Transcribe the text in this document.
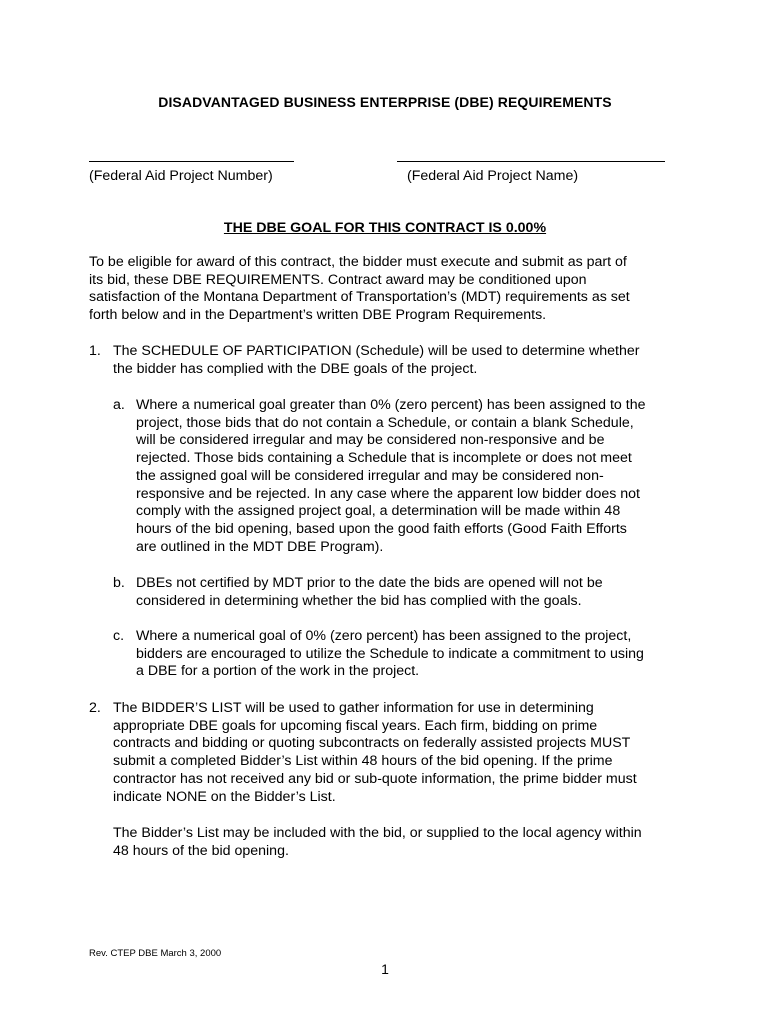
DISADVANTAGED BUSINESS ENTERPRISE (DBE) REQUIREMENTS
(Federal Aid Project Number)	(Federal Aid Project Name)
THE DBE GOAL FOR THIS CONTRACT IS 0.00%
To be eligible for award of this contract, the bidder must execute and submit as part of
its bid, these DBE REQUIREMENTS. Contract award may be conditioned upon
satisfaction of the Montana Department of Transportation’s (MDT) requirements as set
forth below and in the Department’s written DBE Program Requirements.
1. The SCHEDULE OF PARTICIPATION (Schedule) will be used to determine whether
the bidder has complied with the DBE goals of the project.
a. Where a numerical goal greater than 0% (zero percent) has been assigned to the
project, those bids that do not contain a Schedule, or contain a blank Schedule,
will be considered irregular and may be considered non-responsive and be
rejected. Those bids containing a Schedule that is incomplete or does not meet
the assigned goal will be considered irregular and may be considered non-
responsive and be rejected. In any case where the apparent low bidder does not
comply with the assigned project goal, a determination will be made within 48
hours of the bid opening, based upon the good faith efforts (Good Faith Efforts
are outlined in the MDT DBE Program).
b. DBEs not certified by MDT prior to the date the bids are opened will not be
considered in determining whether the bid has complied with the goals.
c. Where a numerical goal of 0% (zero percent) has been assigned to the project,
bidders are encouraged to utilize the Schedule to indicate a commitment to using
a DBE for a portion of the work in the project.
2. The BIDDER’S LIST will be used to gather information for use in determining
appropriate DBE goals for upcoming fiscal years. Each firm, bidding on prime
contracts and bidding or quoting subcontracts on federally assisted projects MUST
submit a completed Bidder’s List within 48 hours of the bid opening. If the prime
contractor has not received any bid or sub-quote information, the prime bidder must
indicate NONE on the Bidder’s List.
The Bidder’s List may be included with the bid, or supplied to the local agency within
48 hours of the bid opening.
Rev. CTEP DBE March 3, 2000
1
